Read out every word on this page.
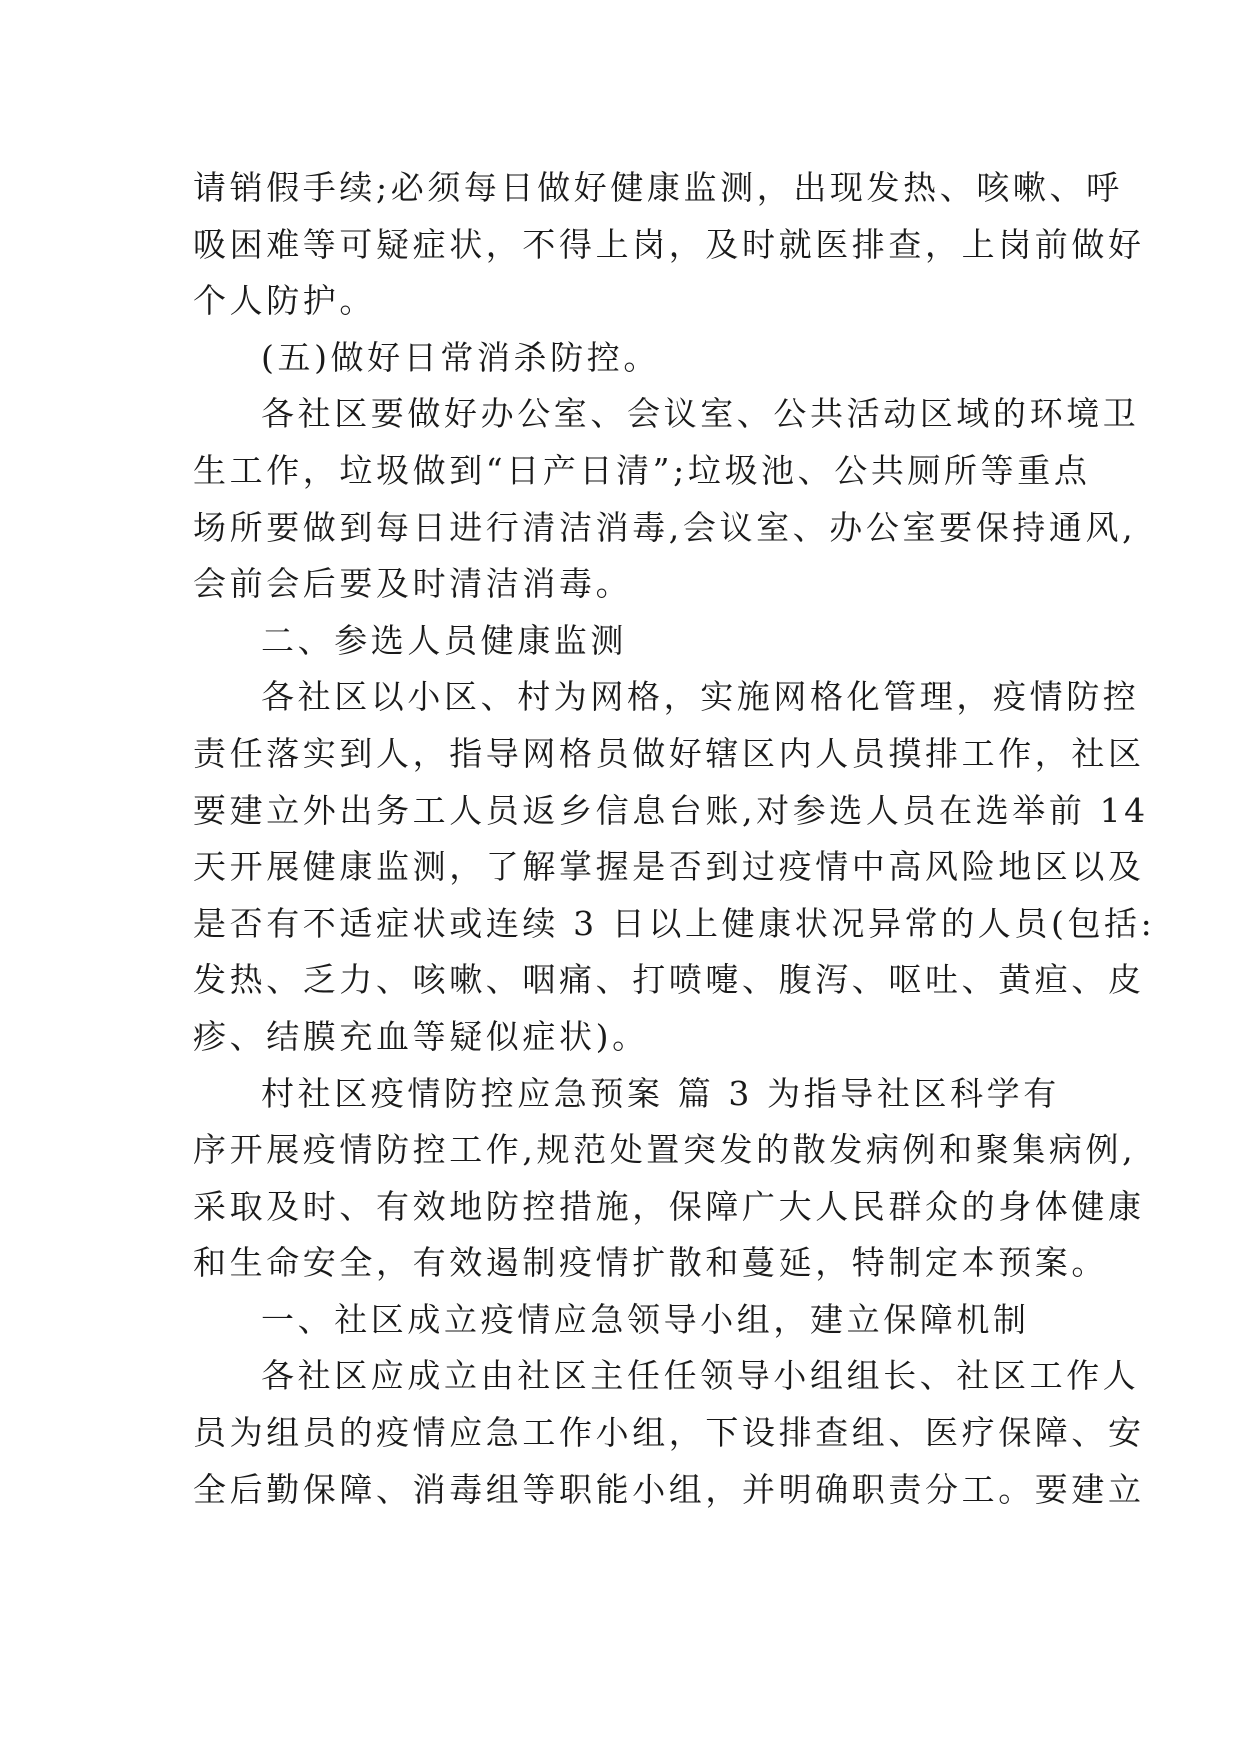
请销假手续;必须每日做好健康监测，出现发热、咳嗽、呼
吸困难等可疑症状，不得上岗，及时就医排查，上岗前做好
个人防护。
(五)做好日常消杀防控。
各社区要做好办公室、会议室、公共活动区域的环境卫
生工作，垃圾做到“日产日清”;垃圾池、公共厕所等重点
场所要做到每日进行清洁消毒,会议室、办公室要保持通风,
会前会后要及时清洁消毒。
二、参选人员健康监测
各社区以小区、村为网格，实施网格化管理，疫情防控
责任落实到人，指导网格员做好辖区内人员摸排工作，社区
要建立外出务工人员返乡信息台账,对参选人员在选举前 14
天开展健康监测，了解掌握是否到过疫情中高风险地区以及
是否有不适症状或连续 3 日以上健康状况异常的人员(包括:
发热、乏力、咳嗽、咽痛、打喷嚏、腹泻、呕吐、黄疸、皮
疹、结膜充血等疑似症状)。
村社区疫情防控应急预案 篇 3 为指导社区科学有
序开展疫情防控工作,规范处置突发的散发病例和聚集病例,
采取及时、有效地防控措施，保障广大人民群众的身体健康
和生命安全，有效遏制疫情扩散和蔓延，特制定本预案。
一、社区成立疫情应急领导小组，建立保障机制
各社区应成立由社区主任任领导小组组长、社区工作人
员为组员的疫情应急工作小组，下设排查组、医疗保障、安
全后勤保障、消毒组等职能小组，并明确职责分工。要建立
